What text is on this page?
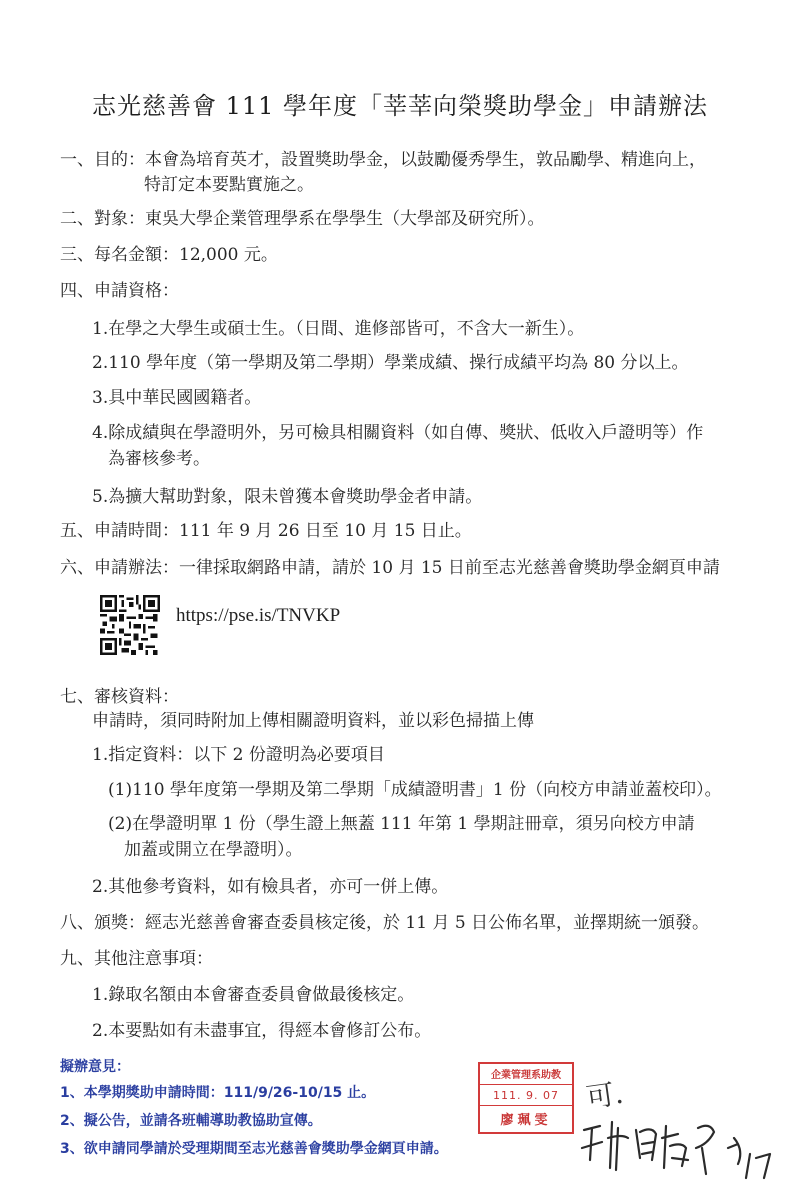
志光慈善會 111 學年度「莘莘向榮獎助學金」申請辦法
一、目的：本會為培育英才，設置獎助學金，以鼓勵優秀學生，敦品勵學、精進向上，
特訂定本要點實施之。
二、對象：東吳大學企業管理學系在學學生（大學部及研究所）。
三、每名金額：12,000 元。
四、申請資格：
1.在學之大學生或碩士生。（日間、進修部皆可，不含大一新生）。
2.110 學年度（第一學期及第二學期）學業成績、操行成績平均為 80 分以上。
3.具中華民國國籍者。
4.除成績與在學證明外，另可檢具相關資料（如自傳、獎狀、低收入戶證明等）作
為審核參考。
5.為擴大幫助對象，限未曾獲本會獎助學金者申請。
五、申請時間：111 年 9 月 26 日至 10 月 15 日止。
六、申請辦法：一律採取網路申請，請於 10 月 15 日前至志光慈善會獎助學金網頁申請
https://pse.is/TNVKP
七、審核資料：
申請時，須同時附加上傳相關證明資料，並以彩色掃描上傳
1.指定資料：以下 2 份證明為必要項目
(1)110 學年度第一學期及第二學期「成績證明書」1 份（向校方申請並蓋校印）。
(2)在學證明單 1 份（學生證上無蓋 111 年第 1 學期註冊章，須另向校方申請
加蓋或開立在學證明）。
2.其他參考資料，如有檢具者，亦可一併上傳。
八、頒獎：經志光慈善會審查委員核定後，於 11 月 5 日公佈名單，並擇期統一頒發。
九、其他注意事項：
1.錄取名額由本會審查委員會做最後核定。
2.本要點如有未盡事宜，得經本會修訂公布。
擬辦意見：
1、本學期獎助申請時間：111/9/26-10/15 止。
2、擬公告，並請各班輔導助教協助宣傳。
3、欲申請同學請於受理期間至志光慈善會獎助學金網頁申請。
企業管理系助教
111. 9. 07
廖珮雯
可.
